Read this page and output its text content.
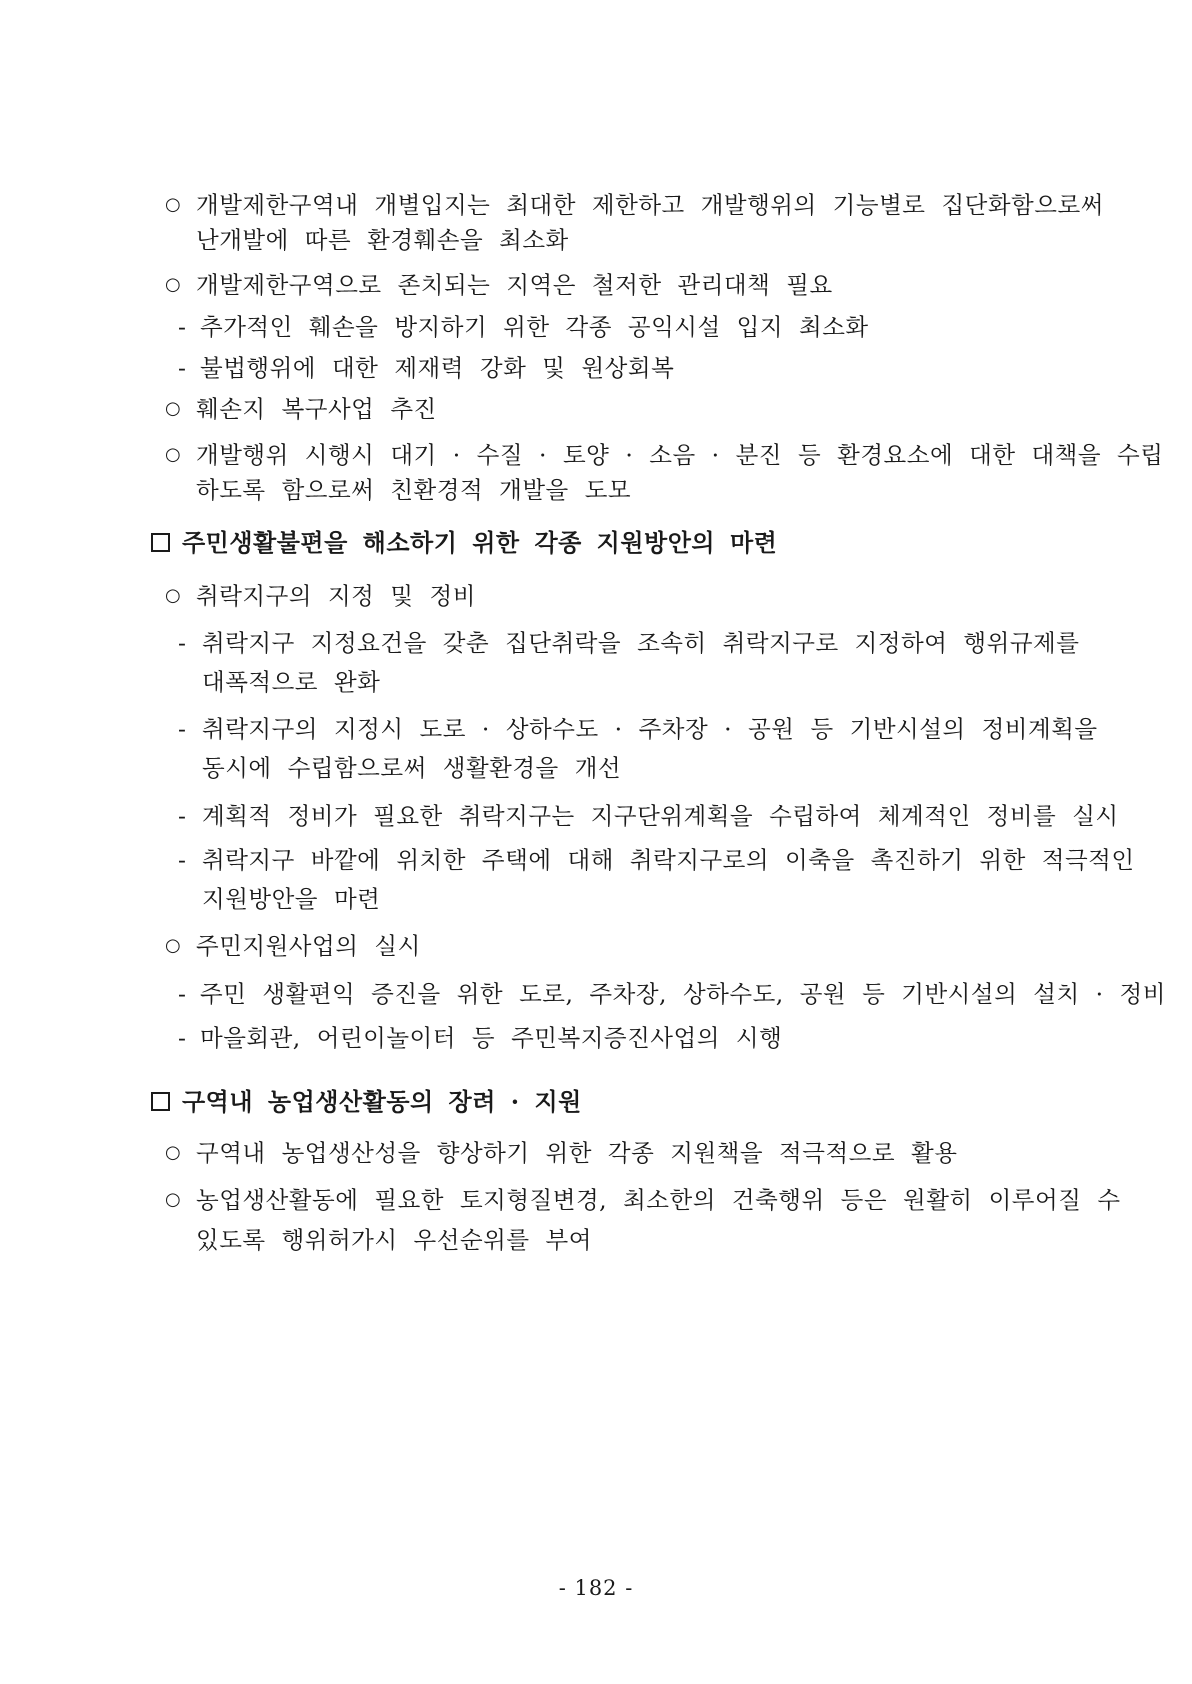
○ 개발제한구역내 개별입지는 최대한 제한하고 개발행위의 기능별로 집단화함으로써
난개발에 따른 환경훼손을 최소화
○ 개발제한구역으로 존치되는 지역은 철저한 관리대책 필요
- 추가적인 훼손을 방지하기 위한 각종 공익시설 입지 최소화
- 불법행위에 대한 제재력 강화 및 원상회복
○ 훼손지 복구사업 추진
○ 개발행위 시행시 대기 · 수질 · 토양 · 소음 · 분진 등 환경요소에 대한 대책을 수립
하도록 함으로써 친환경적 개발을 도모
주민생활불편을 해소하기 위한 각종 지원방안의 마련
○ 취락지구의 지정 및 정비
- 취락지구 지정요건을 갖춘 집단취락을 조속히 취락지구로 지정하여 행위규제를
대폭적으로 완화
- 취락지구의 지정시 도로 · 상하수도 · 주차장 · 공원 등 기반시설의 정비계획을
동시에 수립함으로써 생활환경을 개선
- 계획적 정비가 필요한 취락지구는 지구단위계획을 수립하여 체계적인 정비를 실시
- 취락지구 바깥에 위치한 주택에 대해 취락지구로의 이축을 촉진하기 위한 적극적인
지원방안을 마련
○ 주민지원사업의 실시
- 주민 생활편익 증진을 위한 도로, 주차장, 상하수도, 공원 등 기반시설의 설치 · 정비
- 마을회관, 어린이놀이터 등 주민복지증진사업의 시행
구역내 농업생산활동의 장려 · 지원
○ 구역내 농업생산성을 향상하기 위한 각종 지원책을 적극적으로 활용
○ 농업생산활동에 필요한 토지형질변경, 최소한의 건축행위 등은 원활히 이루어질 수
있도록 행위허가시 우선순위를 부여
- 182 -
